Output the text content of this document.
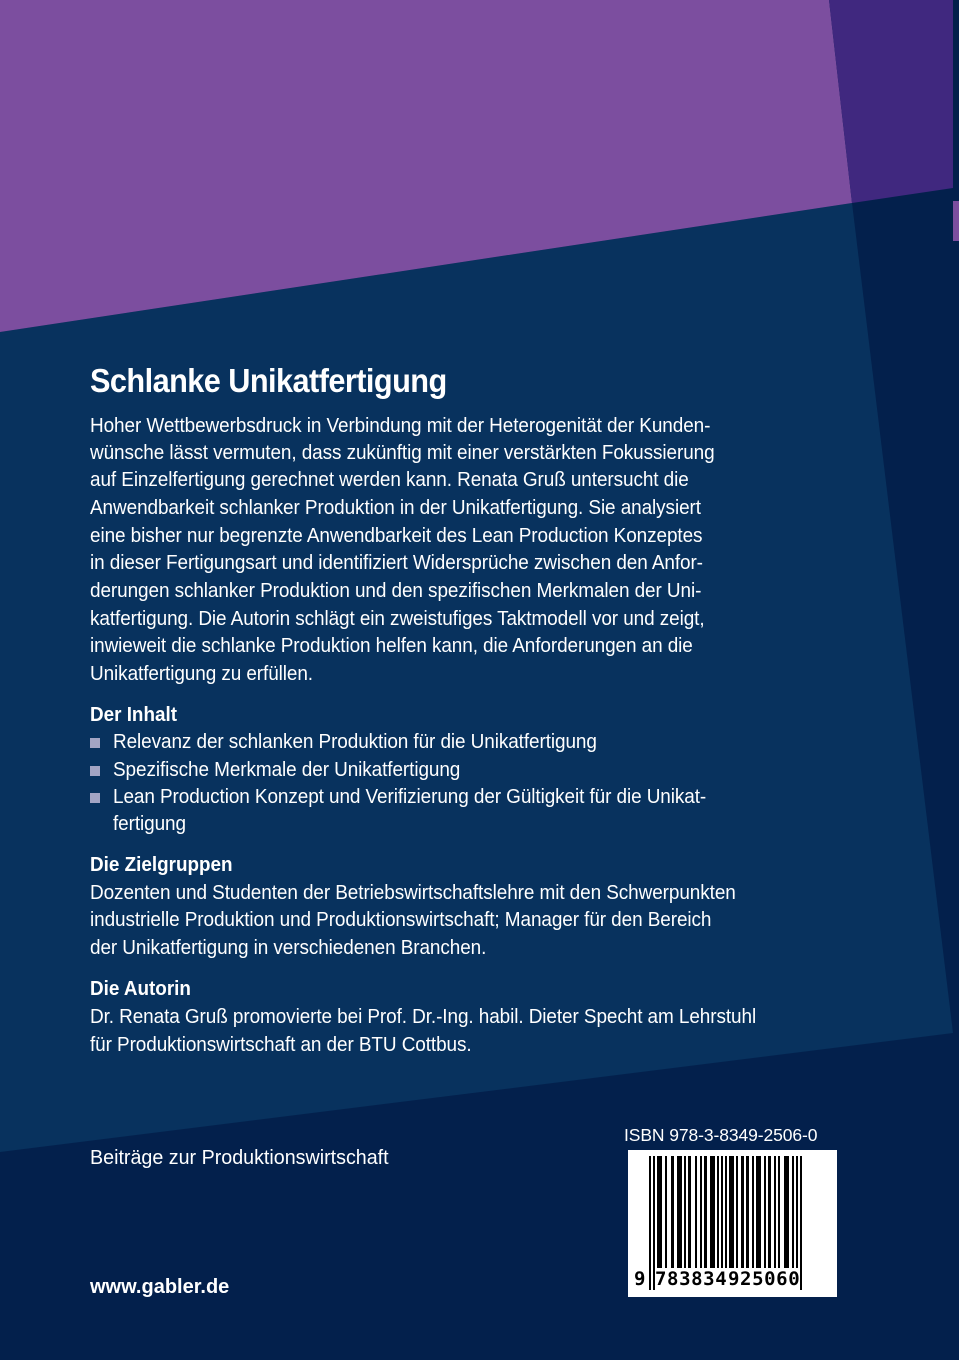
Schlanke Unikatfertigung
Hoher Wettbewerbsdruck in Verbindung mit der Heterogenität der Kunden-
wünsche lässt vermuten, dass zukünftig mit einer verstärkten Fokussierung
auf Einzelfertigung gerechnet werden kann. Renata Gruß untersucht die
Anwendbarkeit schlanker Produktion in der Unikatfertigung. Sie analysiert
eine bisher nur begrenzte Anwendbarkeit des Lean Production Konzeptes
in dieser Fertigungsart und identifiziert Widersprüche zwischen den Anfor-
derungen schlanker Produktion und den spezifischen Merkmalen der Uni-
katfertigung. Die Autorin schlägt ein zweistufiges Taktmodell vor und zeigt,
inwieweit die schlanke Produktion helfen kann, die Anforderungen an die
Unikatfertigung zu erfüllen.
Der Inhalt
Relevanz der schlanken Produktion für die Unikatfertigung
Spezifische Merkmale der Unikatfertigung
Lean Production Konzept und Verifizierung der Gültigkeit für die Unikat-
fertigung
Die Zielgruppen
Dozenten und Studenten der Betriebswirtschaftslehre mit den Schwerpunkten
industrielle Produktion und Produktionswirtschaft; Manager für den Bereich
der Unikatfertigung in verschiedenen Branchen.
Die Autorin
Dr. Renata Gruß promovierte bei Prof. Dr.-Ing. habil. Dieter Specht am Lehrstuhl
für Produktionswirtschaft an der BTU Cottbus.
Beiträge zur Produktionswirtschaft
www.gabler.de
ISBN 978-3-8349-2506-0
9 783834 925060
